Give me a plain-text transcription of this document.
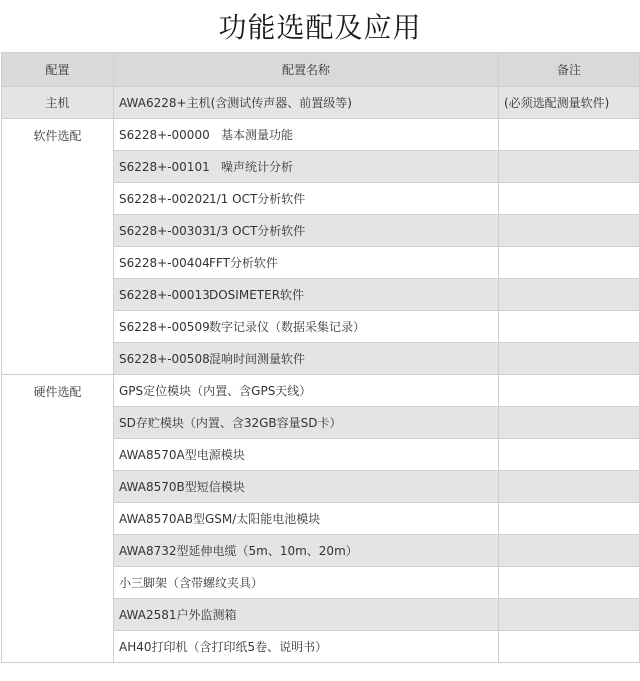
功能选配及应用
配置	配置名称	备注
主机	AWA6228+主机(含测试传声器、前置级等)	(必须选配测量软件)
软件选配	S6228+-00000 基本测量功能	
	S6228+-00101 噪声统计分析	
	S6228+-002021/1 OCT分析软件	
	S6228+-003031/3 OCT分析软件	
	S6228+-00404FFT分析软件	
	S6228+-00013DOSIMETER软件	
	S6228+-00509数字记录仪（数据采集记录）	
	S6228+-00508混响时间测量软件	
硬件选配	GPS定位模块（内置、含GPS天线）	
	SD存贮模块（内置、含32GB容量SD卡）	
	AWA8570A型电源模块	
	AWA8570B型短信模块	
	AWA8570AB型GSM/太阳能电池模块	
	AWA8732型延伸电缆（5m、10m、20m）	
	小三脚架（含带螺纹夹具）	
	AWA2581户外监测箱	
	AH40打印机（含打印纸5卷、说明书）	
